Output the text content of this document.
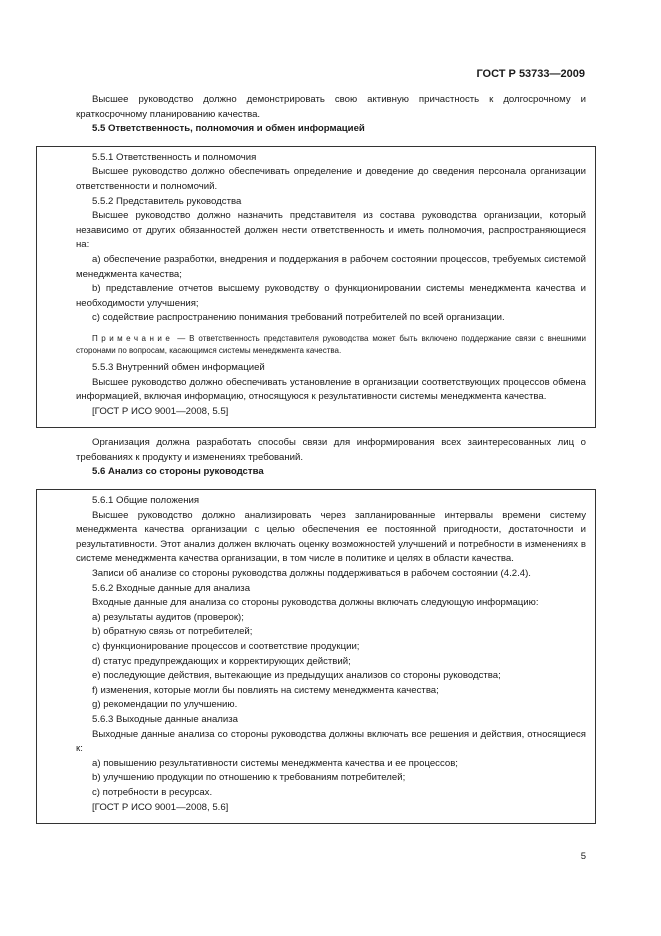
ГОСТ Р 53733—2009

Высшее руководство должно демонстрировать свою активную причастность к долгосрочному и краткосрочному планированию качества.

5.5 Ответственность, полномочия и обмен информацией

5.5.1 Ответственность и полномочия

Высшее руководство должно обеспечивать определение и доведение до сведения персонала организации ответственности и полномочий.

5.5.2 Представитель руководства

Высшее руководство должно назначить представителя из состава руководства организации, который независимо от других обязанностей должен нести ответственность и иметь полномочия, распространяющиеся на:

a) обеспечение разработки, внедрения и поддержания в рабочем состоянии процессов, требуемых системой менеджмента качества;

b) представление отчетов высшему руководству о функционировании системы менеджмента качества и необходимости улучшения;

c) содействие распространению понимания требований потребителей по всей организации.

Примечание — В ответственность представителя руководства может быть включено поддержание связи с внешними сторонами по вопросам, касающимся системы менеджмента качества.

5.5.3 Внутренний обмен информацией

Высшее руководство должно обеспечивать установление в организации соответствующих процессов обмена информацией, включая информацию, относящуюся к результативности системы менеджмента качества.

[ГОСТ Р ИСО 9001—2008, 5.5]

Организация должна разработать способы связи для информирования всех заинтересованных лиц о требованиях к продукту и изменениях требований.

5.6 Анализ со стороны руководства

5.6.1 Общие положения

Высшее руководство должно анализировать через запланированные интервалы времени систему менеджмента качества организации с целью обеспечения ее постоянной пригодности, достаточности и результативности. Этот анализ должен включать оценку возможностей улучшений и потребности в изменениях в системе менеджмента качества организации, в том числе в политике и целях в области качества.

Записи об анализе со стороны руководства должны поддерживаться в рабочем состоянии (4.2.4).

5.6.2 Входные данные для анализа

Входные данные для анализа со стороны руководства должны включать следующую информацию:

a) результаты аудитов (проверок);

b) обратную связь от потребителей;

c) функционирование процессов и соответствие продукции;

d) статус предупреждающих и корректирующих действий;

e) последующие действия, вытекающие из предыдущих анализов со стороны руководства;

f) изменения, которые могли бы повлиять на систему менеджмента качества;

g) рекомендации по улучшению.

5.6.3 Выходные данные анализа

Выходные данные анализа со стороны руководства должны включать все решения и действия, относящиеся к:

a) повышению результативности системы менеджмента качества и ее процессов;

b) улучшению продукции по отношению к требованиям потребителей;

c) потребности в ресурсах.

[ГОСТ Р ИСО 9001—2008, 5.6]

5
